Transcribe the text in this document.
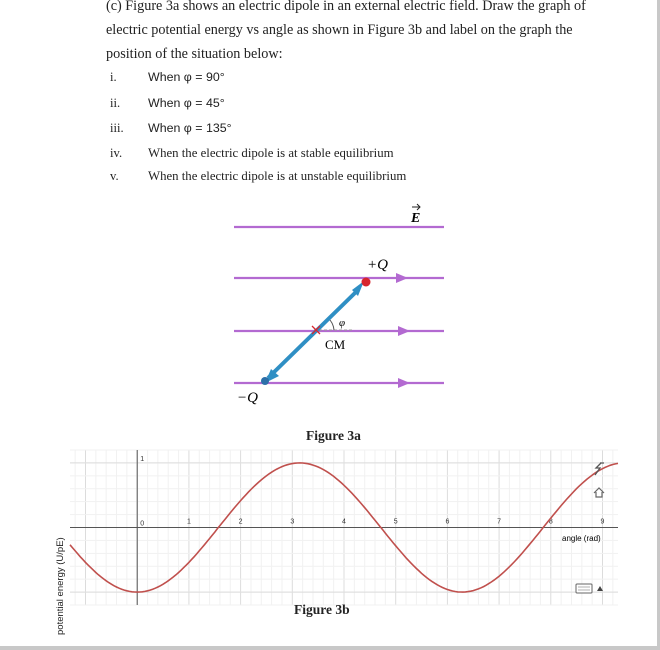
(c) Figure 3a shows an electric dipole in an external electric field. Draw the graph of

electric potential energy vs angle as shown in Figure 3b and label on the graph the

position of the situation below:

i.	When φ = 90°
ii.	When φ = 45°
iii.	When φ = 135°
iv.	When the electric dipole is at stable equilibrium
v.	When the electric dipole is at unstable equilibrium
E
+Q
−Q
φ
CM
Figure 3a
1	2	3	4	5	6	7	8	9
1
0
angle (rad)
potential energy (U/pE)	Figure 3b
